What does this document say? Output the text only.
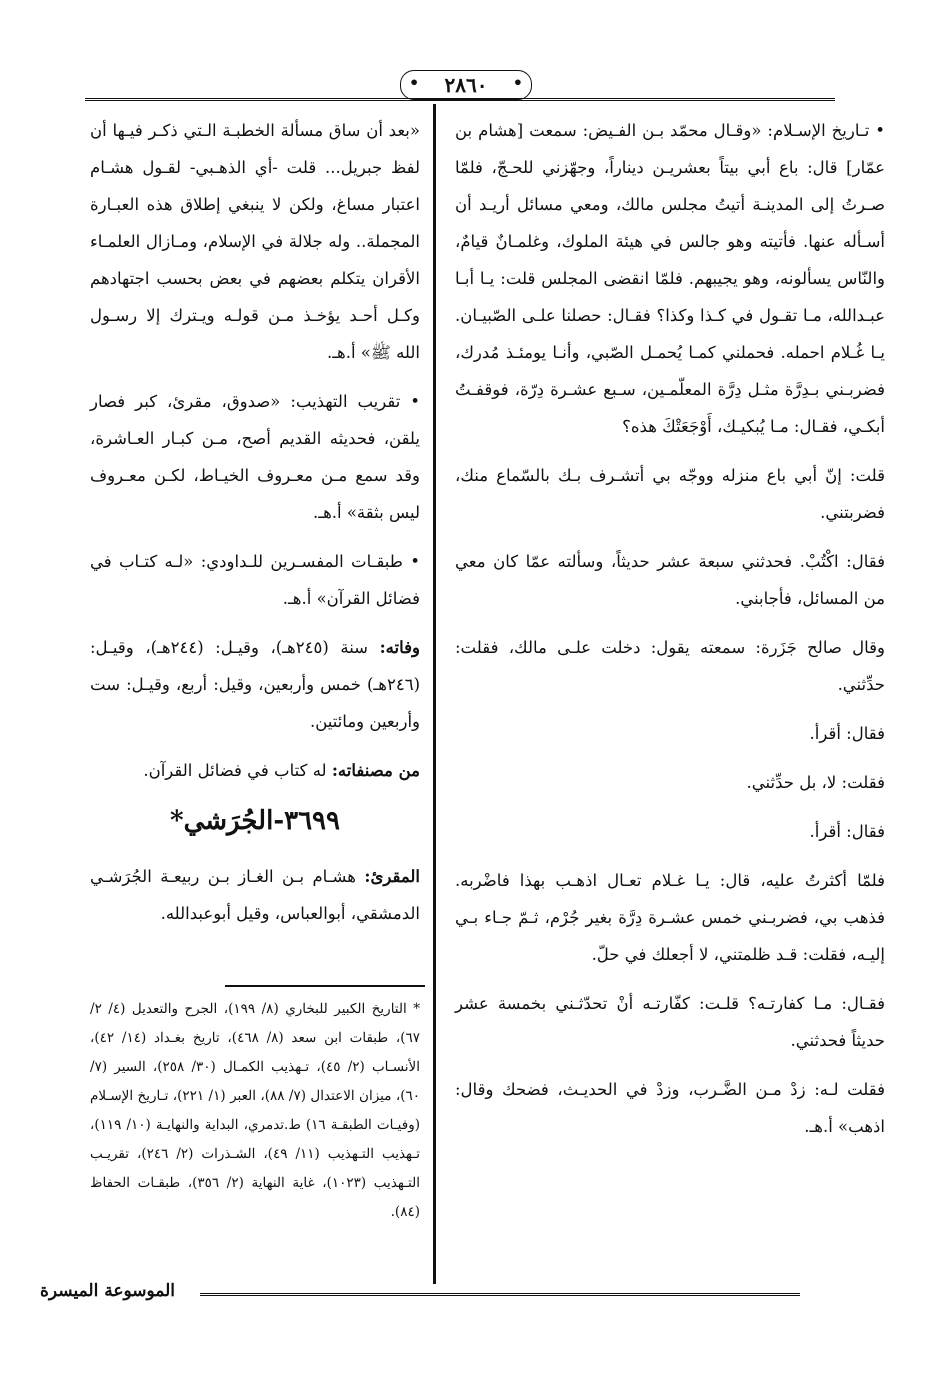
• ٢٨٦٠ •

• تـاريخ الإسـلام: «وقـال محمّد بـن الفـيض: سمعت [هشام بن عمّار] قال: باع أبي بيتاً بعشريـن ديناراً، وجهّزني للحـجّ، فلمّا صـرتُ إلى المدينـة أتيتُ مجلس مالك، ومعي مسائل أريـد أن أسـأله عنها. فأتيته وهو جالس في هيئة الملوك، وغلمـانٌ قيامٌ، والنّاس يسألونه، وهو يجيبهم. فلمّا انقضى المجلس قلت: يـا أبـا عبـدالله، مـا تقـول في كـذا وكذا؟ فقـال: حصلنا علـى الصّبيـان. يـا غُـلام احمله. فحملني كمـا يُحمـل الصّبي، وأنـا يومئـذ مُدرك، فضربـني بـدِرَّة مثـل دِرَّة المعلّمـين، سـبع عشـرة دِرّة، فوقفـتُ أبكـي، فقـال: مـا يُبكيـك، أَوْجَعَتْكَ هذه؟

قلت: إنّ أبي باع منزله ووجّه بي أتشـرف بـك بالسّماع منك، فضربتني.

فقال: اكْتُبْ. فحدثني سبعة عشر حديثاً، وسألته عمّا كان معي من المسائل، فأجابني.

وقال صالح جَزَرة: سمعته يقول: دخلت علـى مالك، فقلت: حدِّثني.

فقال: أقرأ.

فقلت: لا، بل حدِّثني.

فقال: أقرأ.

فلمّا أكثرتُ عليه، قال: يـا غـلام تعـال اذهـب بهذا فاضْربه. فذهب بي، فضربـني خمس عشـرة دِرَّة بغير جُرْم، ثـمّ جـاء بـي إليـه، فقلت: قـد ظلمتني، لا أجعلك في حلّ.

فقـال: مـا كفارتـه؟ قلـت: كفّارتـه أنْ تحدّثـني بخمسة عشر حديثاً فحدثني.

فقلت لـه: زدْ مـن الضَّـرب، وزدْ في الحديـث، فضحك وقال: اذهب» أ.هـ.

«بعد أن ساق مسألة الخطبـة الـتي ذكـر فيـها أن لفظ جبريل... قلت -أي الذهـبي- لقـول هشـام اعتبار مساغ، ولكن لا ينبغي إطلاق هذه العبـارة المجملة.. وله جلالة في الإسلام، ومـازال العلمـاء الأقران يتكلم بعضهم في بعض بحسب اجتهادهم وكـل أحـد يؤخـذ مـن قولـه ويـترك إلا رسـول الله ﷺ» أ.هـ.

• تقريب التهذيب: «صدوق، مقرئ، كبر فصار يلقن، فحديثه القديم أصح، مـن كبـار العـاشرة، وقد سمع مـن معـروف الخيـاط، لكـن معـروف ليس بثقة» أ.هـ.

• طبقـات المفسـرين للـداودي: «لـه كتـاب في فضائل القرآن» أ.هـ.

وفاته: سنة (٢٤٥هـ)، وقيـل: (٢٤٤هـ)، وقيـل: (٢٤٦هـ) خمس وأربعين، وقيل: أربع، وقيـل: ست وأربعين ومائتين.

من مصنفاته: له كتاب في فضائل القرآن.

٣٦٩٩-الجُرَشي*

المقرئ: هشـام بـن الغـاز بـن ربيعـة الجُرَشـي الدمشقي، أبوالعباس، وقيل أبوعبدالله.

* التاريخ الكبير للبخاري (٨/ ١٩٩)، الجرح والتعديل (٤/ ٢/ ٦٧)، طبقات ابن سعد (٨/ ٤٦٨)، تاريخ بغـداد (١٤/ ٤٢)، الأنسـاب (٢/ ٤٥)، تـهذيب الكمـال (٣٠/ ٢٥٨)، السير (٧/ ٦٠)، ميزان الاعتدال (٧/ ٨٨)، العبر (١/ ٢٢١)، تـاريخ الإسـلام (وفيـات الطبقـة ١٦) ط.تدمري، البداية والنهايـة (١٠/ ١١٩)، تـهذيب التـهذيب (١١/ ٤٩)، الشـذرات (٢/ ٢٤٦)، تقريـب التـهذيب (١٠٢٣)، غاية النهاية (٢/ ٣٥٦)، طبقـات الحفاظ (٨٤).
الموسوعة الميسرة
